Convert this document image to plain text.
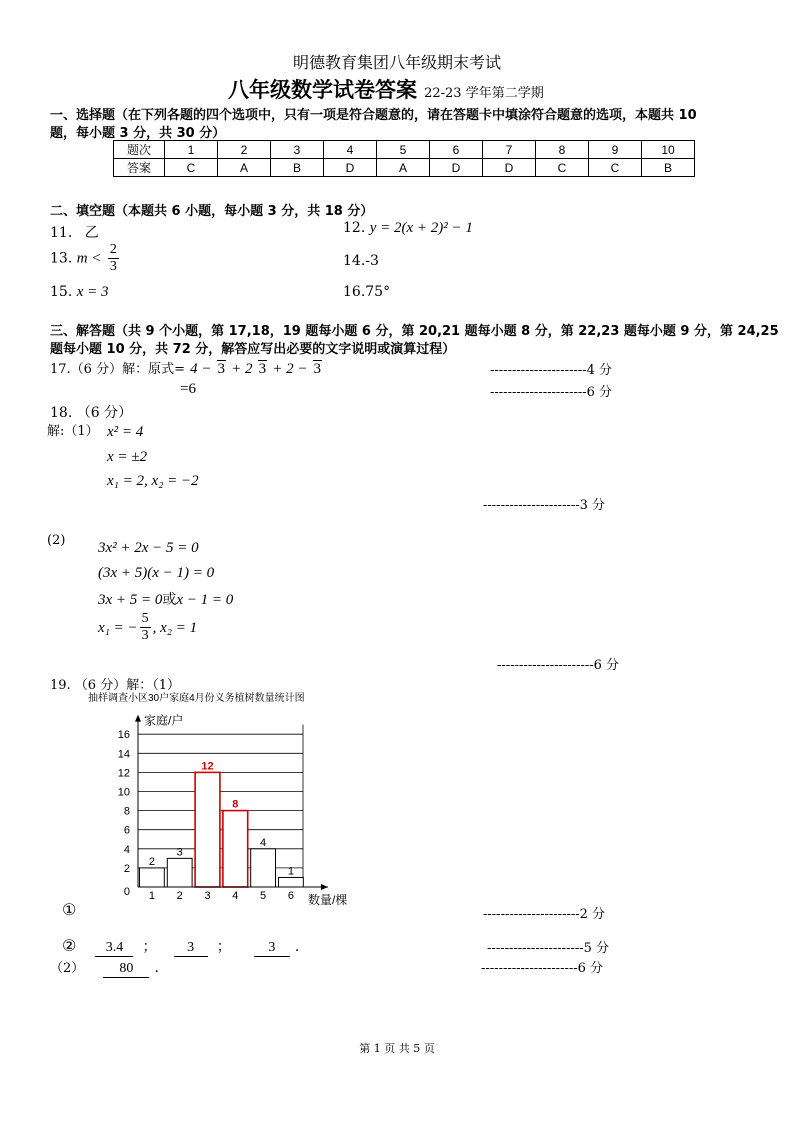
明德教育集团八年级期末考试
八年级数学试卷答案 22-23 学年第二学期
一、选择题（在下列各题的四个选项中，只有一项是符合题意的，请在答题卡中填涂符合题意的选项，本题共 10
题，每小题 3 分，共 30 分）
题次	1	2	3	4	5	6	7	8	9	10
答案	C	A	B	D	A	D	D	C	C	B
二、填空题（本题共 6 小题，每小题 3 分，共 18 分）
11. 乙	12. y = 2(x + 2)² − 1
13. $m < \frac{2}{3}$	14.-3
15. x = 3	16.75°
三、解答题（共 9 个小题，第 17,18，19 题每小题 6 分，第 20,21 题每小题 8 分，第 22,23 题每小题 9 分，第 24,25
题每小题 10 分，共 72 分，解答应写出必要的文字说明或演算过程）
17.（6 分）解：原式= 4 − 3 + 2 3 + 2 − 3
=6
----------------------4 分
----------------------6 分
18. （6 分）
解:（1） x² = 4
x = ±2
x₁ = 2, x₂ = −2
----------------------3 分
(2) 3x² + 2x − 5 = 0
(3x + 5)(x − 1) = 0
3x + 5 = 0或x − 1 = 0
x₁ = − $\frac{5}{3}$ , x₂ = 1
----------------------6 分
19. （6 分）解：（1）
抽样调查小区30户家庭4月份义务植树数量统计图
2
4
6
8
10
12
14
16
2
1
3
2
12
3
8
4
4
5
1
6
0
家庭/户
数量/棵
①	----------------------2 分
② 3.4 ； 3 ；	3 .	----------------------5 分
（2）	80 .	----------------------6 分
第 1 页 共 5 页
